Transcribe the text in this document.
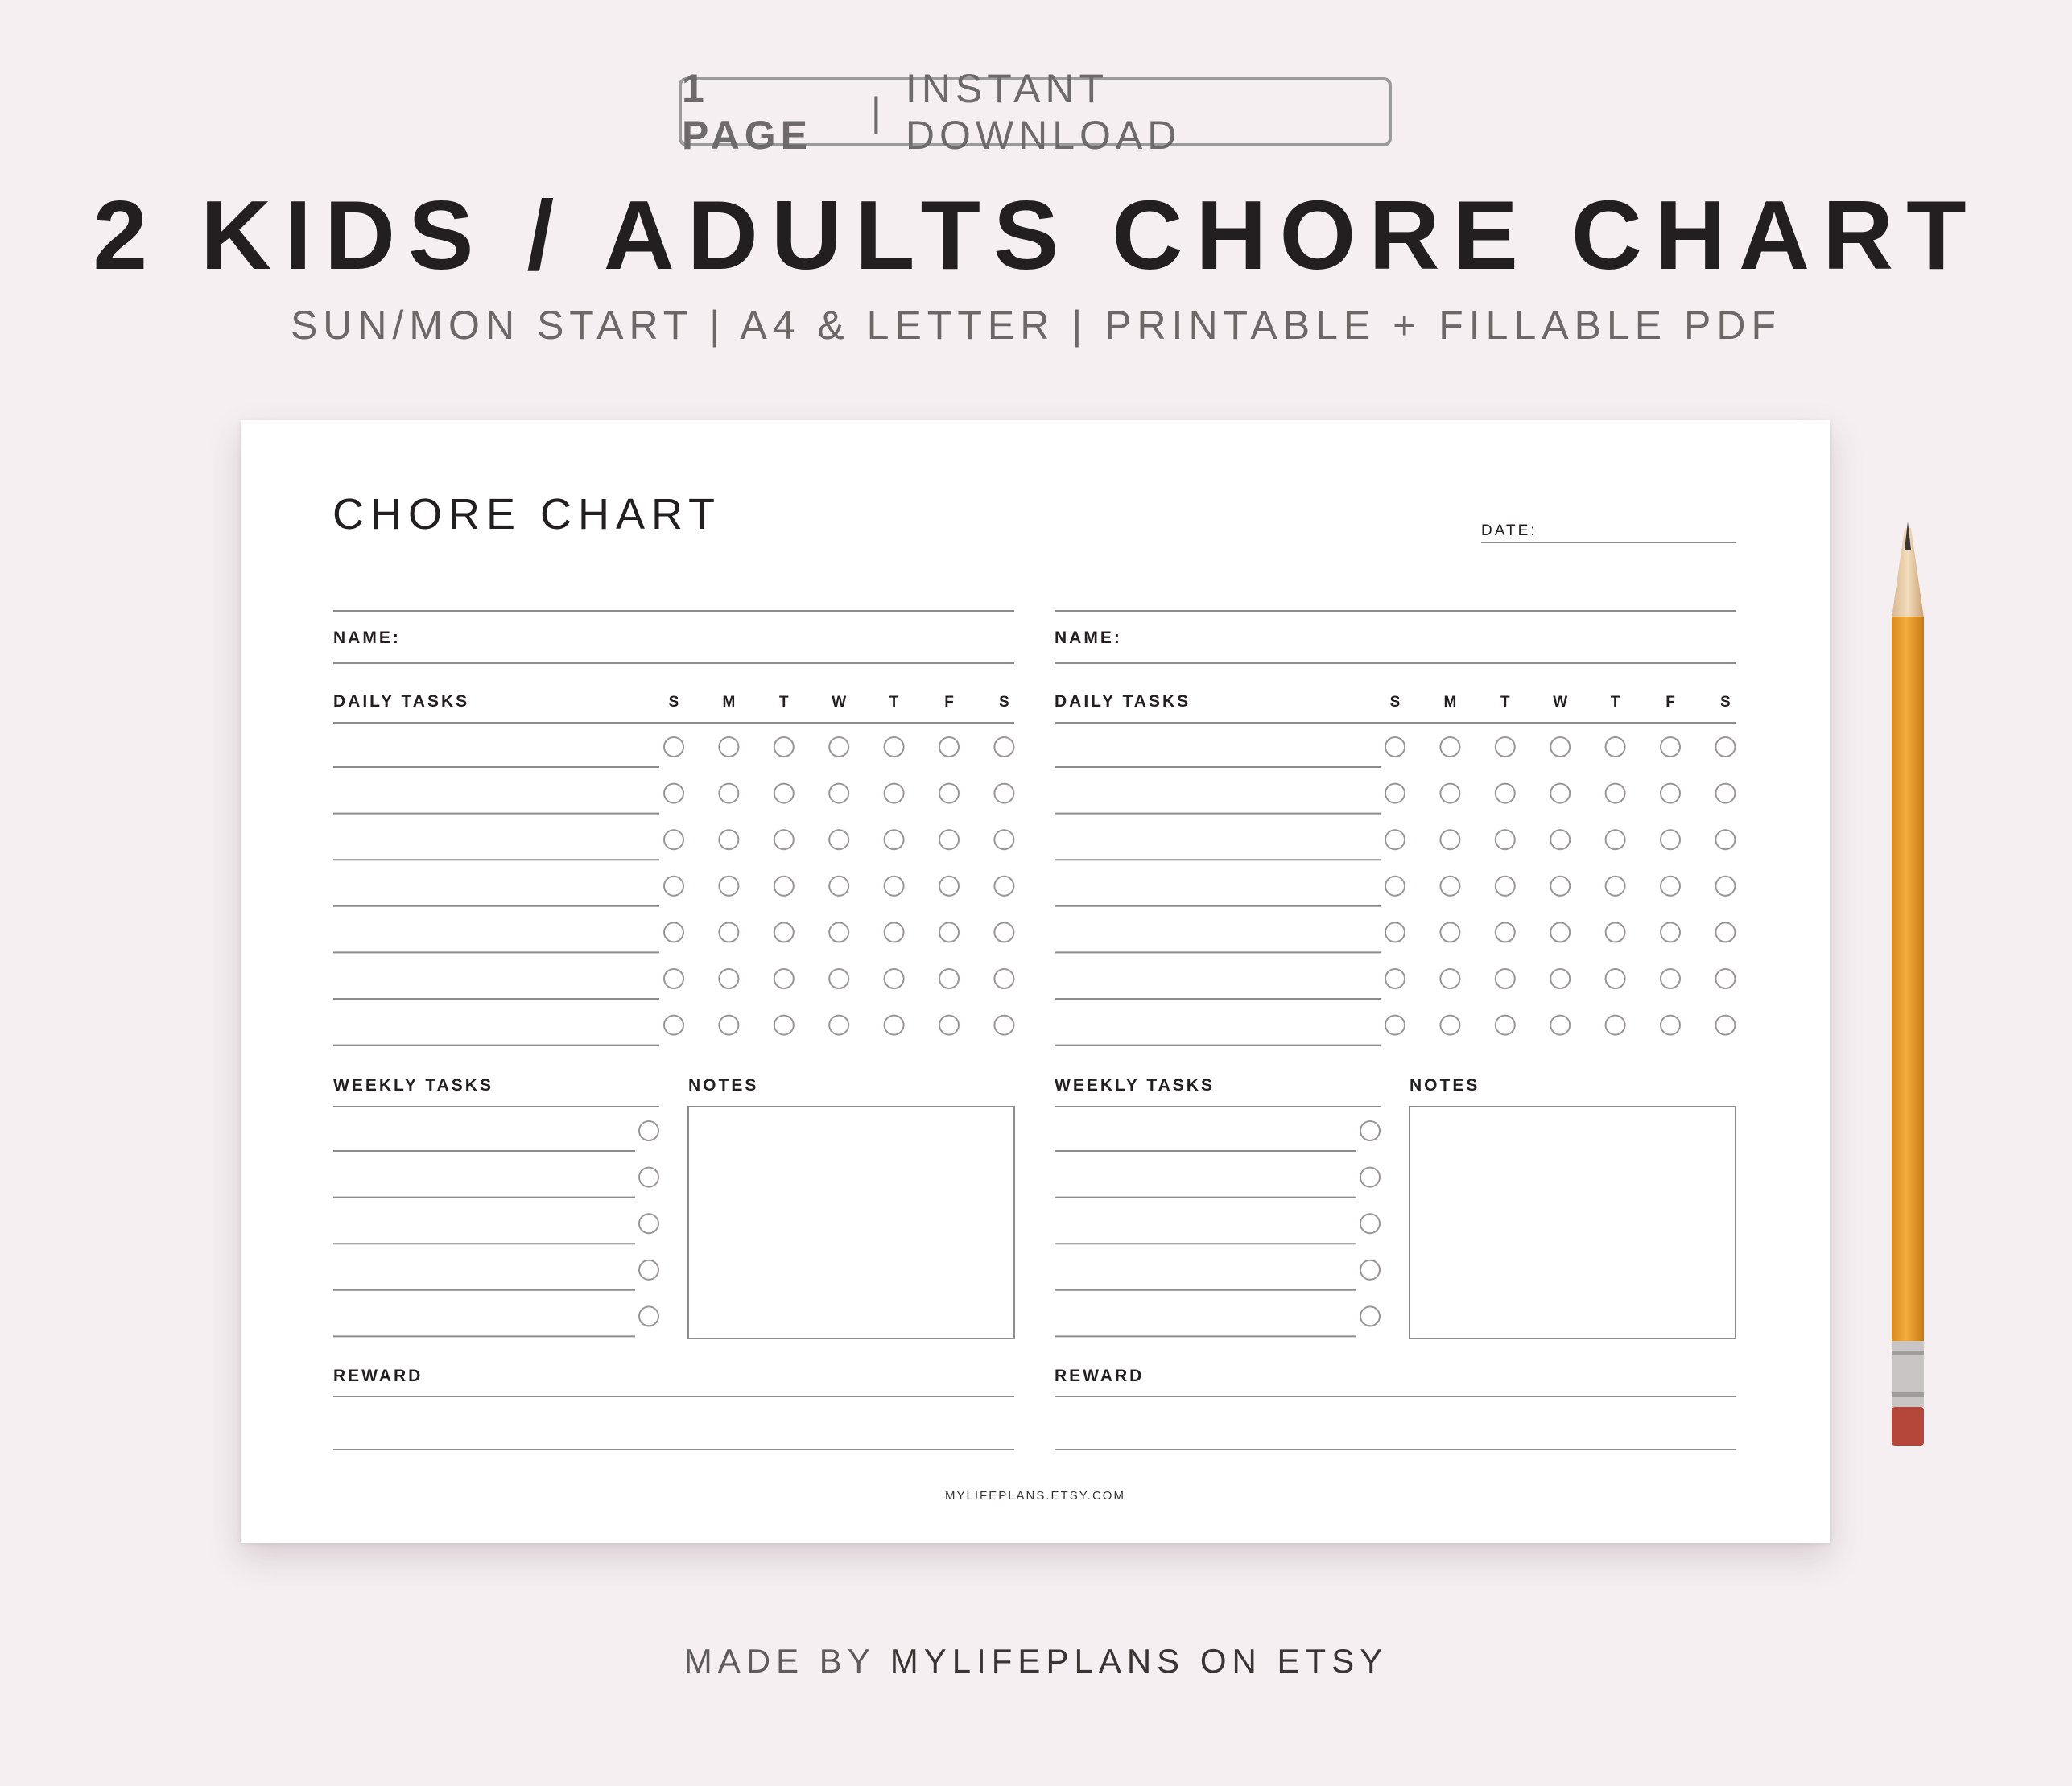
1 PAGE
|
INSTANT DOWNLOAD
2 KIDS / ADULTS CHORE CHART
SUN/MON START | A4 & LETTER | PRINTABLE + FILLABLE PDF
CHORE CHART	DATE:
MYLIFEPLANS.ETSY.COM
NAME:
DAILY TASKS	S	M	T	W	T	F	S
WEEKLY TASKS	NOTES
REWARD
NAME:
DAILY TASKS	S	M	T	W	T	F	S
WEEKLY TASKS	NOTES
REWARD
MADE BY MYLIFEPLANS ON ETSY
